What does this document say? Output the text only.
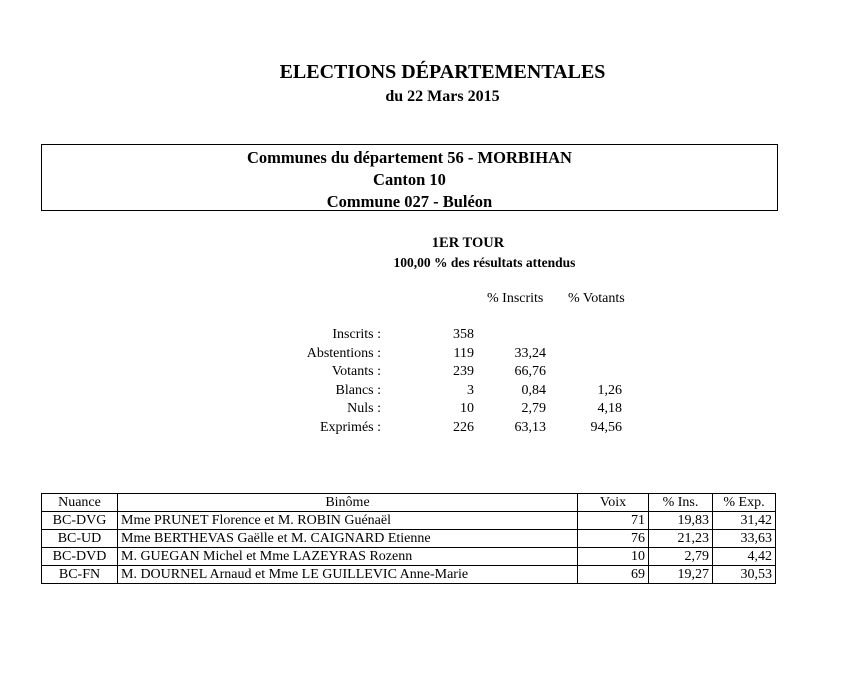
ELECTIONS DÉPARTEMENTALES
du 22 Mars 2015
Communes du département 56 - MORBIHAN
Canton 10
Commune 027 - Buléon
1ER TOUR
100,00 % des résultats attendus
% Inscrits % Votants
Inscrits :	358
Abstentions :	119	33,24
Votants :	239	66,76
Blancs :	3	0,84	1,26
Nuls :	10	2,79	4,18
Exprimés :	226	63,13	94,56
Nuance	Binôme	Voix	% Ins.	% Exp.
BC-DVG	Mme PRUNET Florence et M. ROBIN Guénaël	71	19,83	31,42
BC-UD	Mme BERTHEVAS Gaëlle et M. CAIGNARD Etienne	76	21,23	33,63
BC-DVD	M. GUEGAN Michel et Mme LAZEYRAS Rozenn	10	2,79	4,42
BC-FN	M. DOURNEL Arnaud et Mme LE GUILLEVIC Anne-Marie	69	19,27	30,53
